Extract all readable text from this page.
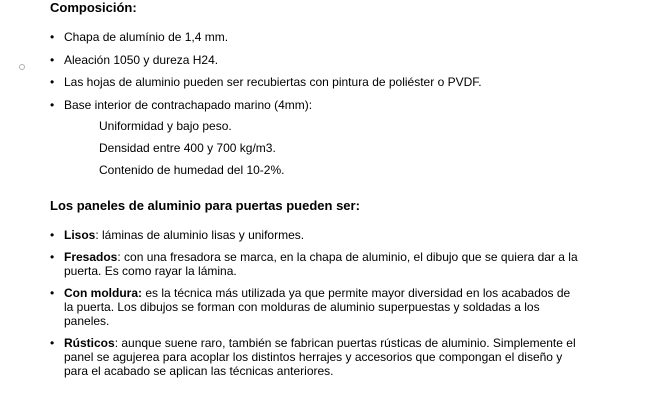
Composición:
• Chapa de alumínio de 1,4 mm.
• Aleación 1050 y dureza H24.
• Las hojas de aluminio pueden ser recubiertas con pintura de poliéster o PVDF.
• Base interior de contrachapado marino (4mm):
Uniformidad y bajo peso.
Densidad entre 400 y 700 kg/m3.
Contenido de humedad del 10-2%.
Los paneles de aluminio para puertas pueden ser:
• Lisos: láminas de aluminio lisas y uniformes.
• Fresados: con una fresadora se marca, en la chapa de aluminio, el dibujo que se quiera dar a la puerta. Es como rayar la lámina.
• Con moldura: es la técnica más utilizada ya que permite mayor diversidad en los acabados de la puerta. Los dibujos se forman con molduras de aluminio superpuestas y soldadas a los paneles.
• Rústicos: aunque suene raro, también se fabrican puertas rústicas de aluminio. Simplemente el panel se agujerea para acoplar los distintos herrajes y accesorios que compongan el diseño y para el acabado se aplican las técnicas anteriores.
